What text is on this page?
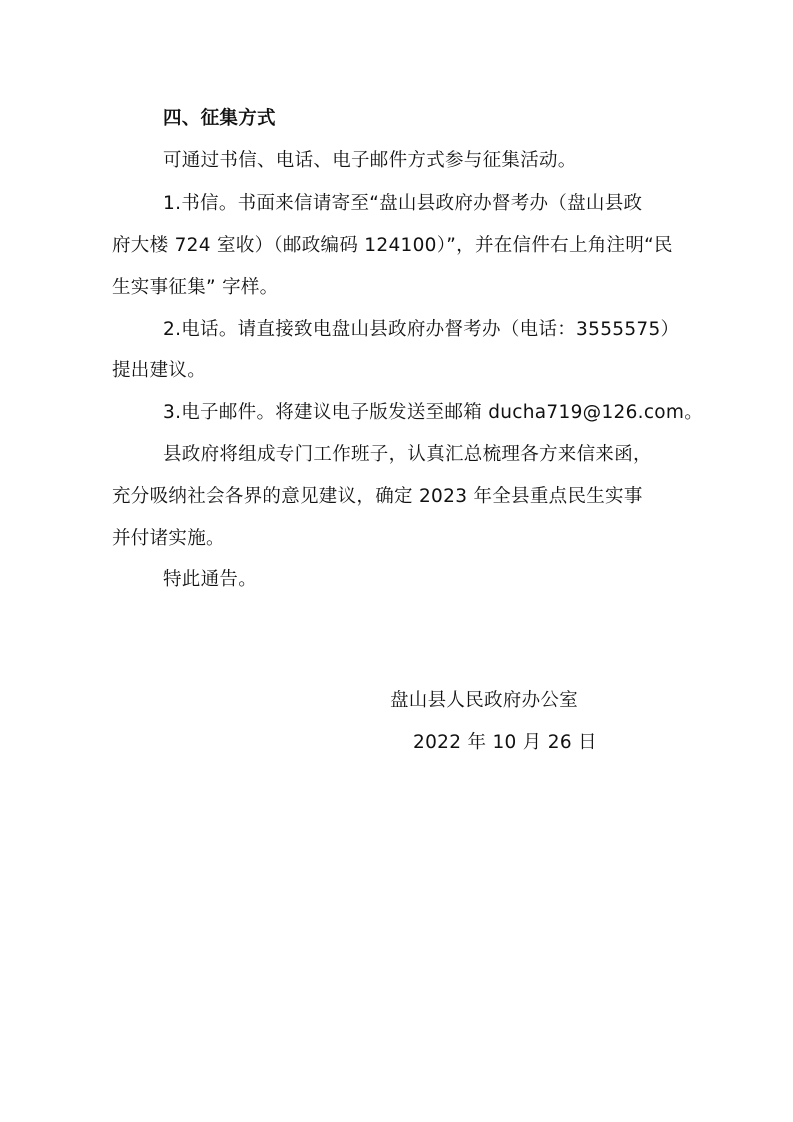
四、征集方式
可通过书信、电话、电子邮件方式参与征集活动。
1.书信。书面来信请寄至“盘山县政府办督考办（盘山县政
府大楼 724 室收）（邮政编码 124100）”，并在信件右上角注明“民
生实事征集” 字样。
2.电话。请直接致电盘山县政府办督考办（电话：3555575）
提出建议。
3.电子邮件。将建议电子版发送至邮箱 ducha719@126.com。
县政府将组成专门工作班子，认真汇总梳理各方来信来函，
充分吸纳社会各界的意见建议，确定 2023 年全县重点民生实事
并付诸实施。
特此通告。
盘山县人民政府办公室
2022 年 10 月 26 日
